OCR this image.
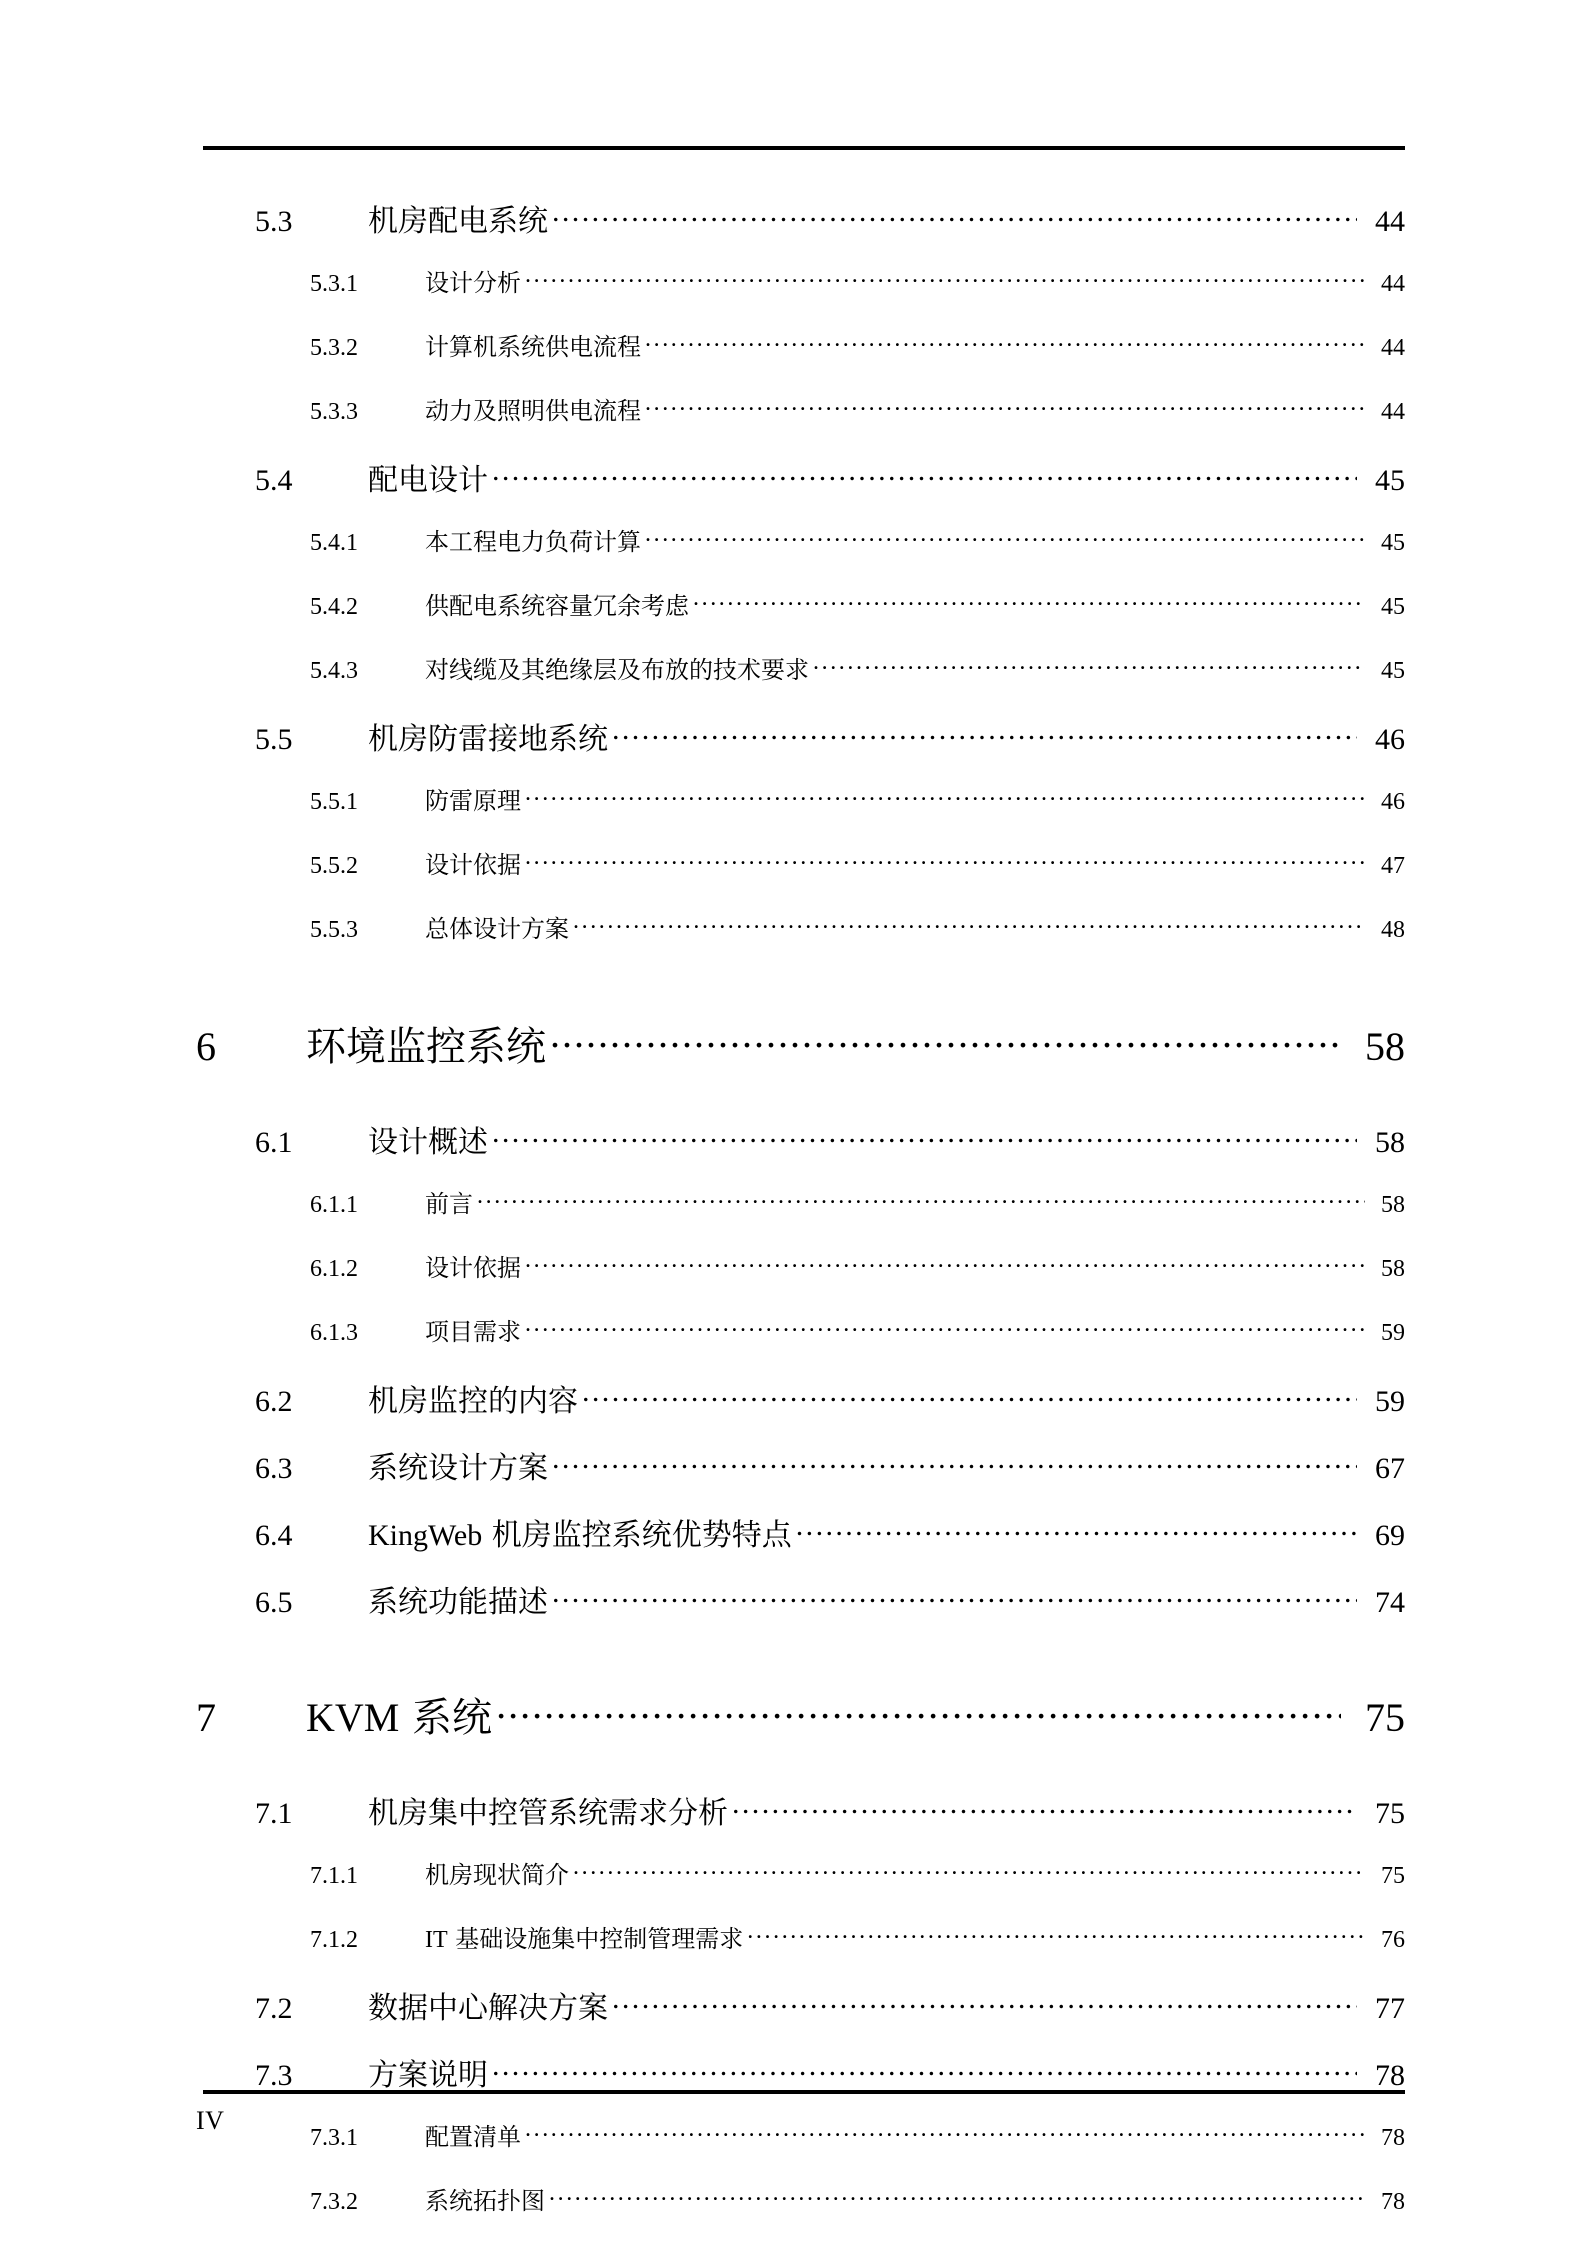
5.3	机房配电系统 .....	44
5.3.1	设计分析 .....	44
5.3.2	计算机系统供电流程 .....	44
5.3.3	动力及照明供电流程 .....	44
5.4	配电设计 .....	45
5.4.1	本工程电力负荷计算 .....	45
5.4.2	供配电系统容量冗余考虑 .....	45
5.4.3	对线缆及其绝缘层及布放的技术要求 .....	45
5.5	机房防雷接地系统 .....	46
5.5.1	防雷原理 .....	46
5.5.2	设计依据 .....	47
5.5.3	总体设计方案 .....	48
6	环境监控系统 .....	58
6.1	设计概述 .....	58
6.1.1	前言 .....	58
6.1.2	设计依据 .....	58
6.1.3	项目需求 .....	59
6.2	机房监控的内容 .....	59
6.3	系统设计方案 .....	67
6.4	KingWeb 机房监控系统优势特点 .....	69
6.5	系统功能描述 .....	74
7	KVM 系统 .....	75
7.1	机房集中控管系统需求分析 .....	75
7.1.1	机房现状简介 .....	75
7.1.2	IT 基础设施集中控制管理需求 .....	76
7.2	数据中心解决方案 .....	77
7.3	方案说明 .....	78
7.3.1	配置清单 .....	78
7.3.2	系统拓扑图 .....	78
IV
